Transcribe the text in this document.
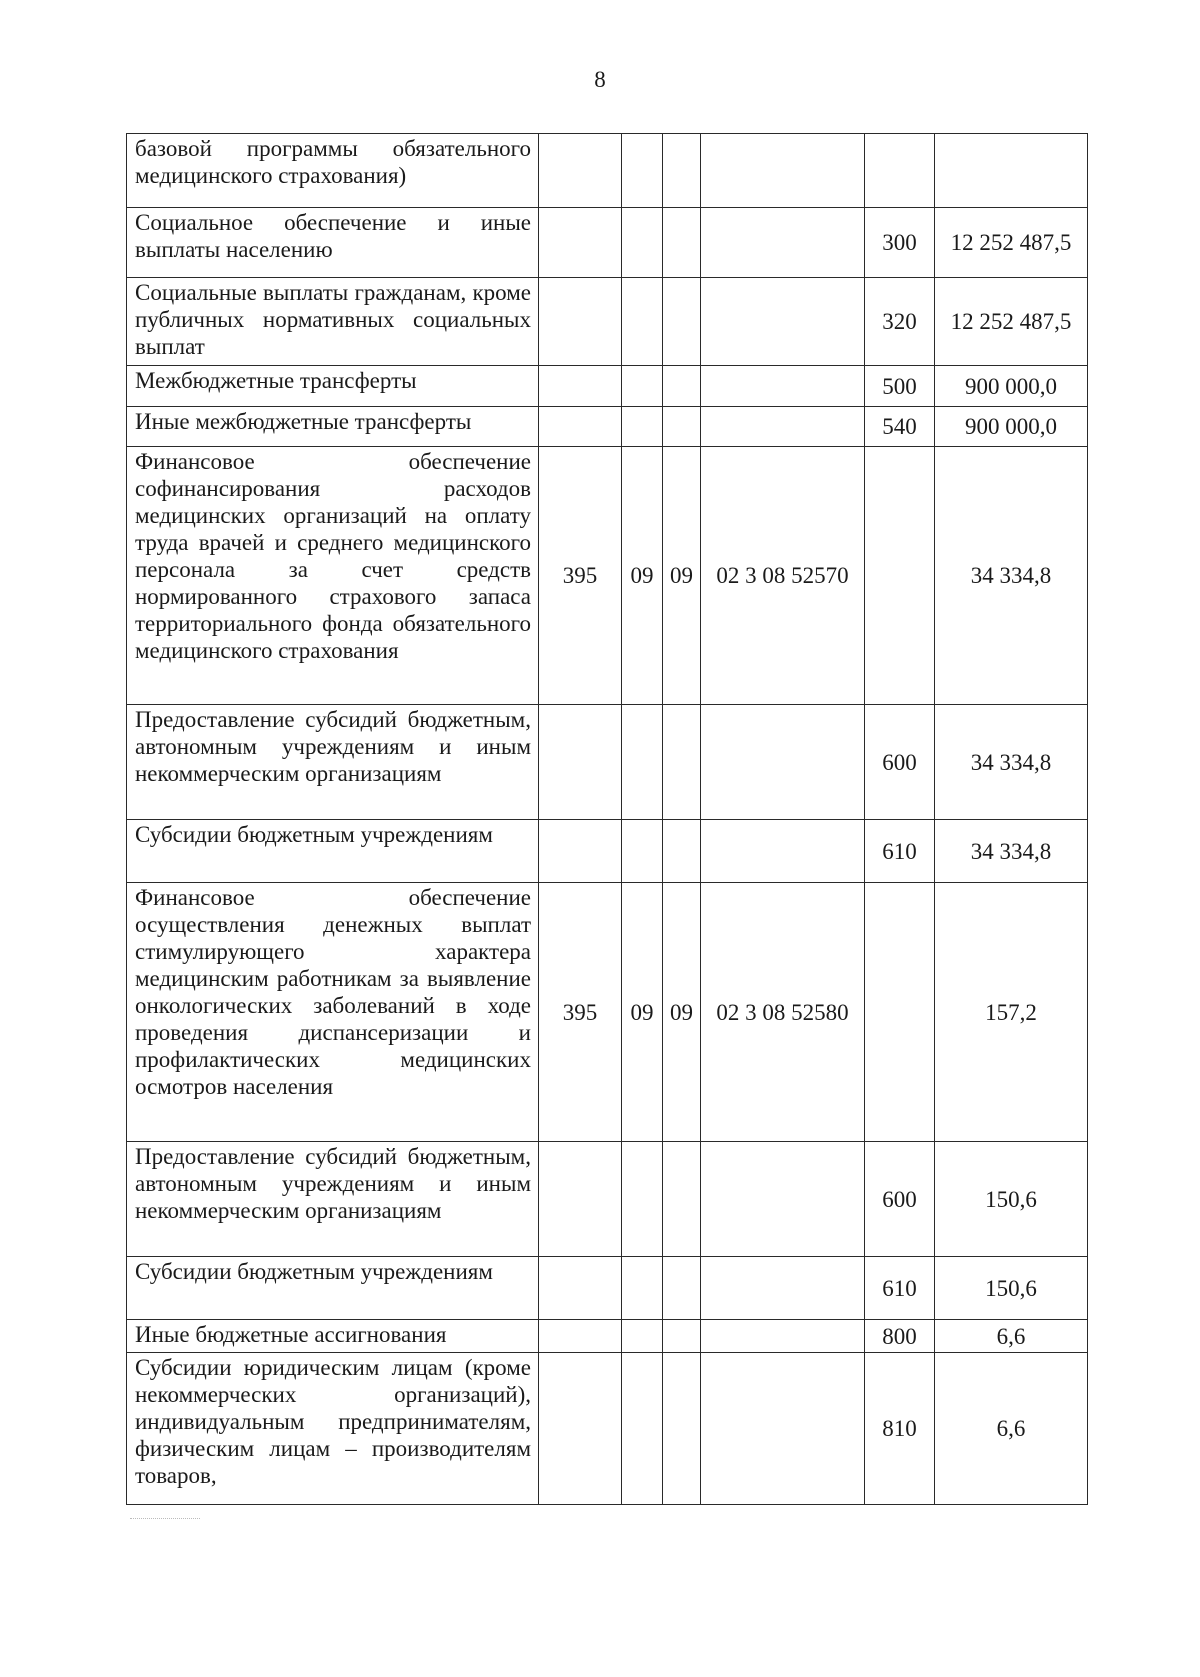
8
базовой программы обязательного медицинского страхования)						
Социальное обеспечение и иные выплаты населению					300	12 252 487,5
Социальные выплаты гражданам, кроме публичных нормативных социальных выплат					320	12 252 487,5
Межбюджетные трансферты					500	900 000,0
Иные межбюджетные трансферты					540	900 000,0
Финансовое обеспечение софинансирования расходов медицинских организаций на оплату труда врачей и среднего медицинского персонала за счет средств нормированного страхового запаса территориального фонда обязательного медицинского страхования	395	09	09	02 3 08 52570		34 334,8
Предоставление субсидий бюджетным, автономным учреждениям и иным некоммерческим организациям					600	34 334,8
Субсидии бюджетным учреждениям					610	34 334,8
Финансовое обеспечение осуществления денежных выплат стимулирующего характера медицинским работникам за выявление онкологических заболеваний в ходе проведения диспансеризации и профилактических медицинских осмотров населения	395	09	09	02 3 08 52580		157,2
Предоставление субсидий бюджетным, автономным учреждениям и иным некоммерческим организациям					600	150,6
Субсидии бюджетным учреждениям					610	150,6
Иные бюджетные ассигнования					800	6,6
Субсидии юридическим лицам (кроме некоммерческих организаций), индивидуальным предпринимателям, физическим лицам – производителям товаров,					810	6,6
